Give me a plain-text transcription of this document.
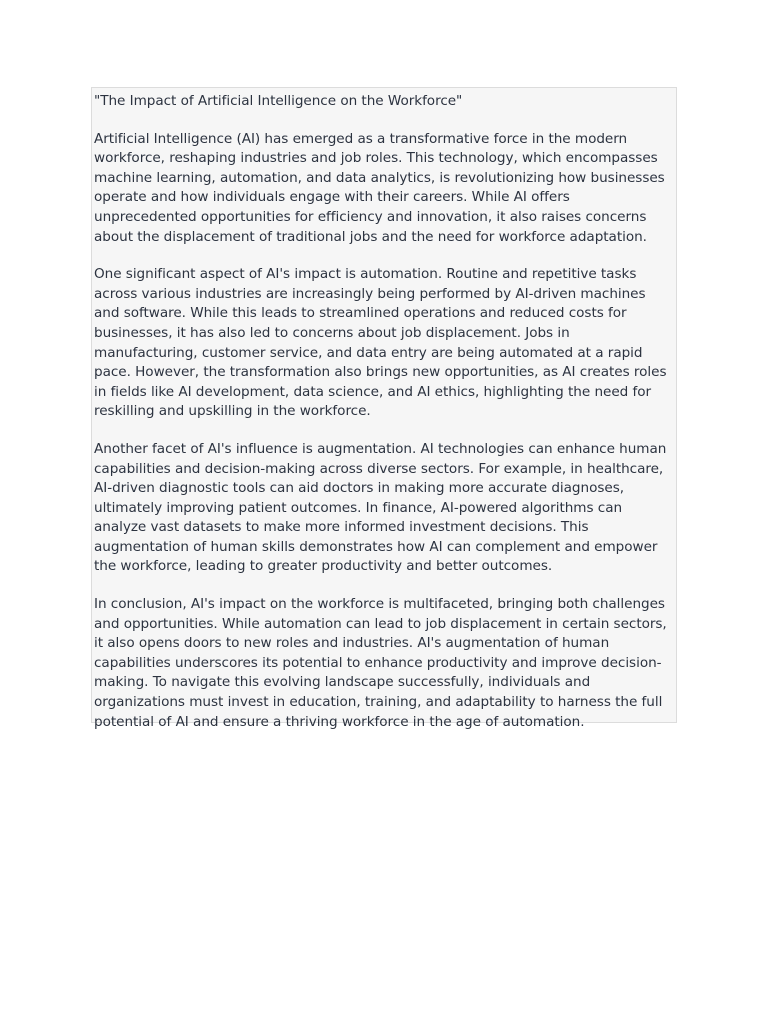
"The Impact of Artificial Intelligence on the Workforce"

Artificial Intelligence (AI) has emerged as a transformative force in the modern workforce, reshaping industries and job roles. This technology, which encompasses machine learning, automation, and data analytics, is revolutionizing how businesses operate and how individuals engage with their careers. While AI offers unprecedented opportunities for efficiency and innovation, it also raises concerns about the displacement of traditional jobs and the need for workforce adaptation.

One significant aspect of AI's impact is automation. Routine and repetitive tasks across various industries are increasingly being performed by AI-driven machines and software. While this leads to streamlined operations and reduced costs for businesses, it has also led to concerns about job displacement. Jobs in manufacturing, customer service, and data entry are being automated at a rapid pace. However, the transformation also brings new opportunities, as AI creates roles in fields like AI development, data science, and AI ethics, highlighting the need for reskilling and upskilling in the workforce.

Another facet of AI's influence is augmentation. AI technologies can enhance human capabilities and decision-making across diverse sectors. For example, in healthcare, AI-driven diagnostic tools can aid doctors in making more accurate diagnoses, ultimately improving patient outcomes. In finance, AI-powered algorithms can analyze vast datasets to make more informed investment decisions. This augmentation of human skills demonstrates how AI can complement and empower the workforce, leading to greater productivity and better outcomes.

In conclusion, AI's impact on the workforce is multifaceted, bringing both challenges and opportunities. While automation can lead to job displacement in certain sectors, it also opens doors to new roles and industries. AI's augmentation of human capabilities underscores its potential to enhance productivity and improve decision-making. To navigate this evolving landscape successfully, individuals and organizations must invest in education, training, and adaptability to harness the full potential of AI and ensure a thriving workforce in the age of automation.
